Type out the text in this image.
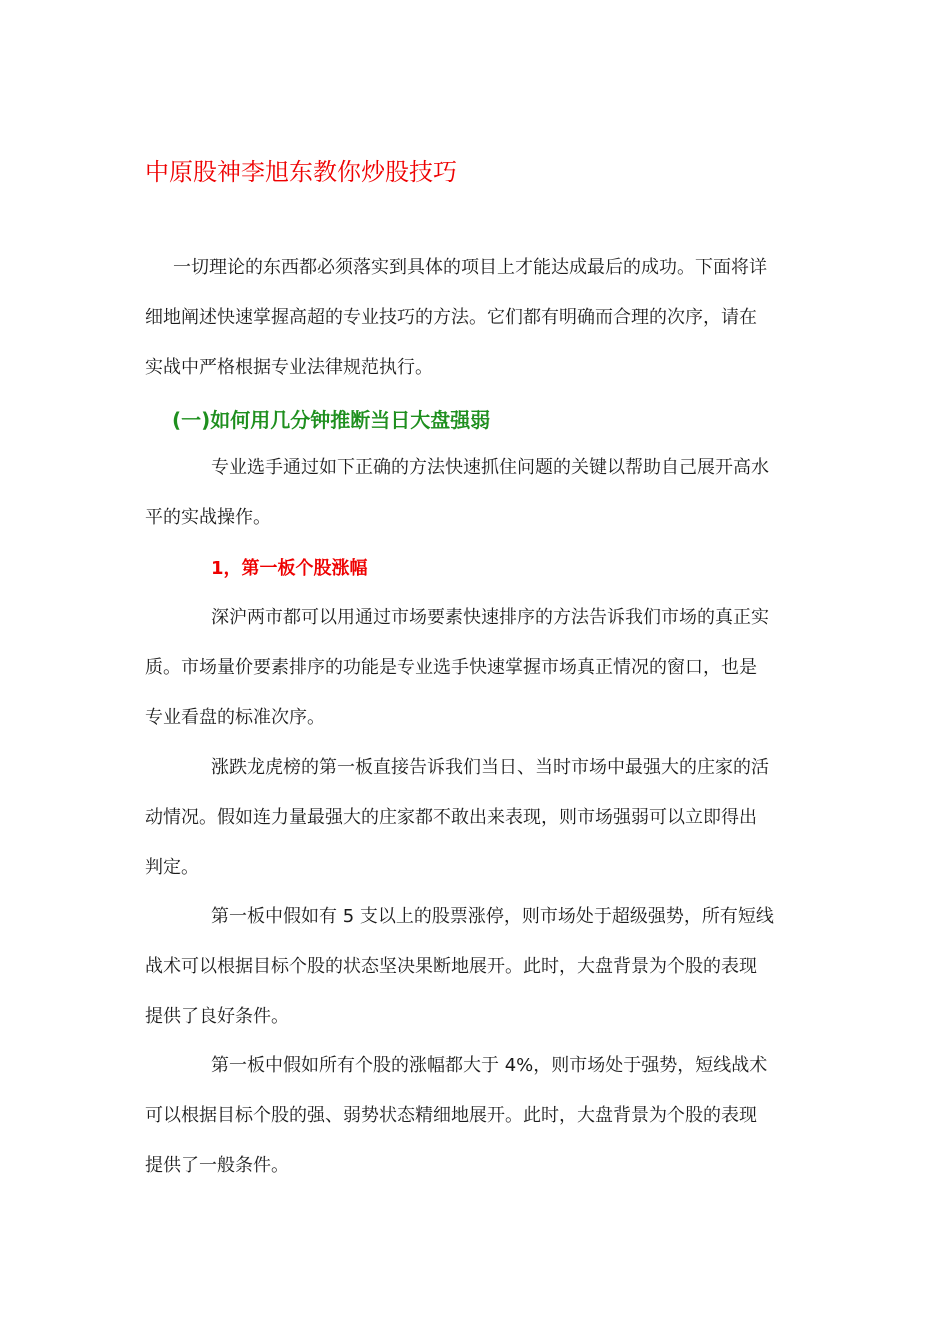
中原股神李旭东教你炒股技巧

一切理论的东西都必须落实到具体的项目上才能达成最后的成功。下面将详
细地阐述快速掌握高超的专业技巧的方法。它们都有明确而合理的次序，请在
实战中严格根据专业法律规范执行。

(一)如何用几分钟推断当日大盘强弱

专业选手通过如下正确的方法快速抓住问题的关键以帮助自己展开高水
平的实战操作。

1，第一板个股涨幅

深沪两市都可以用通过市场要素快速排序的方法告诉我们市场的真正实
质。市场量价要素排序的功能是专业选手快速掌握市场真正情况的窗口，也是
专业看盘的标准次序。

涨跌龙虎榜的第一板直接告诉我们当日、当时市场中最强大的庄家的活
动情况。假如连力量最强大的庄家都不敢出来表现，则市场强弱可以立即得出
判定。

第一板中假如有 5 支以上的股票涨停，则市场处于超级强势，所有短线
战术可以根据目标个股的状态坚决果断地展开。此时，大盘背景为个股的表现
提供了良好条件。

第一板中假如所有个股的涨幅都大于 4%，则市场处于强势，短线战术
可以根据目标个股的强、弱势状态精细地展开。此时，大盘背景为个股的表现
提供了一般条件。
